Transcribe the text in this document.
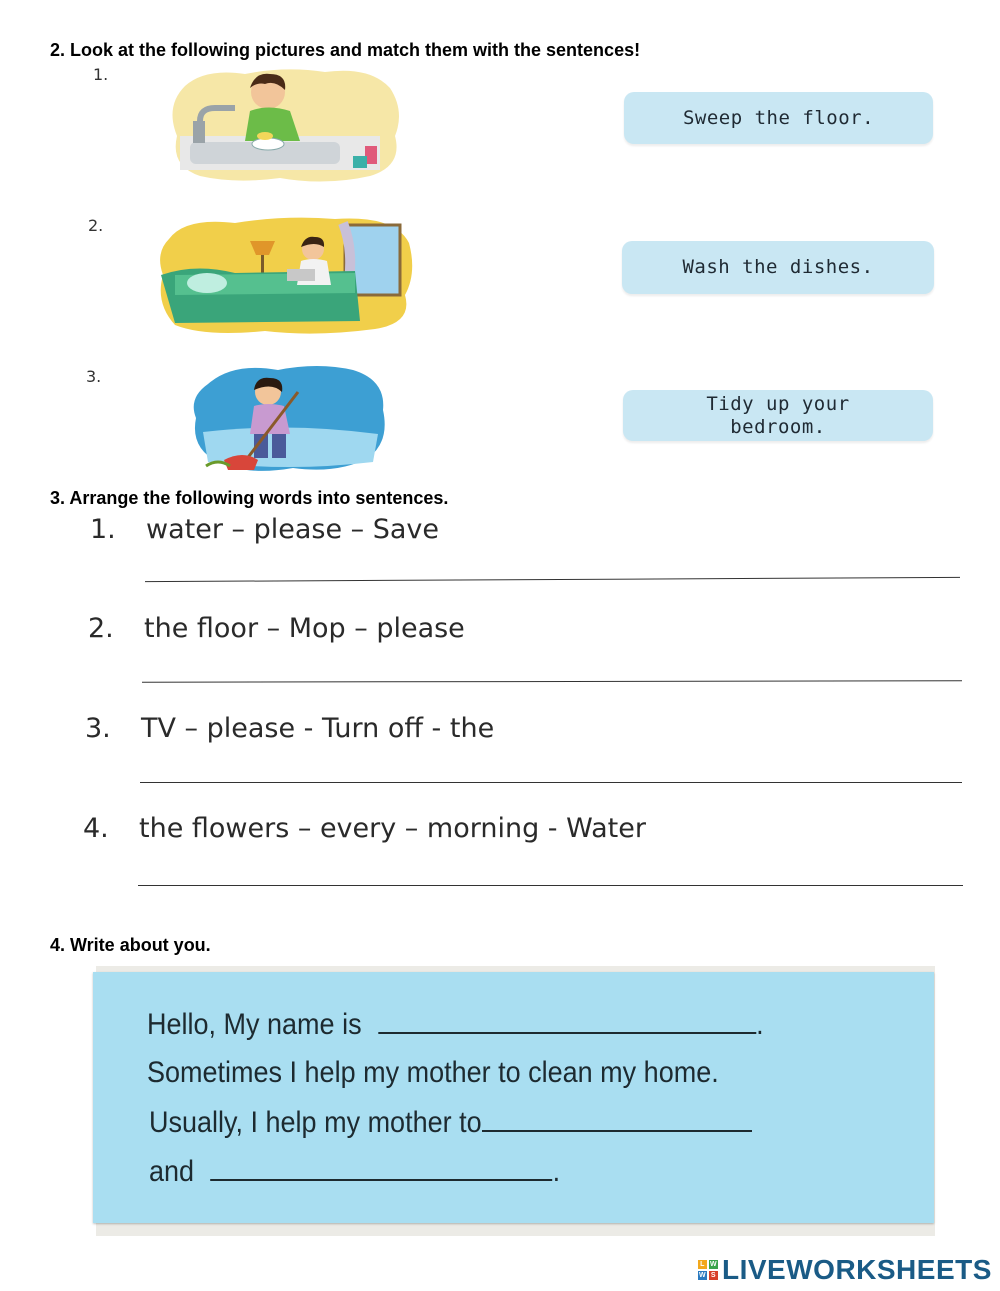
2. Look at the following pictures and match them with the sentences!
1.
2.
3.
Sweep the floor.
Wash the dishes.
Tidy up your
bedroom.
3. Arrange the following words into sentences.
1. water – please – Save
2. the floor – Mop – please
3. TV – please - Turn off - the
4. the flowers – every – morning - Water
4. Write about you.
Hello, My name is	.
Sometimes I help my mother to clean my home.
Usually, I help my mother to
and	.
L W
W S LIVEWORKSHEETS
